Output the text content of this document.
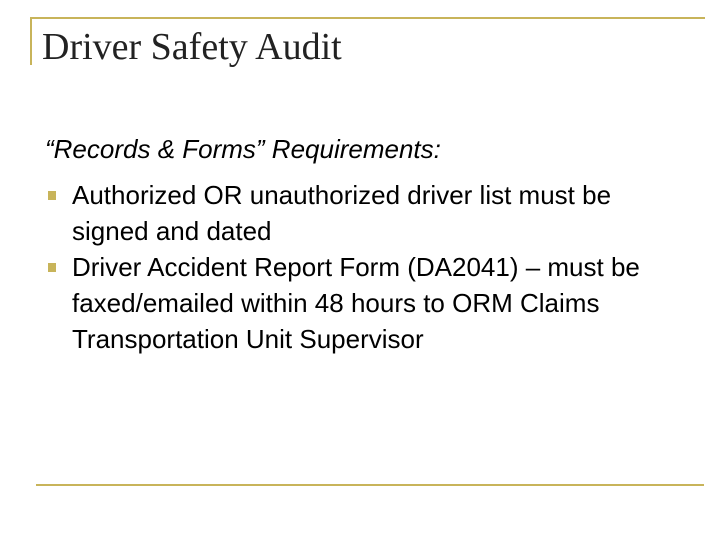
Driver Safety Audit
“Records & Forms” Requirements:
Authorized OR unauthorized driver list must be signed and dated
Driver Accident Report Form (DA2041) – must be faxed/emailed within 48 hours to ORM Claims Transportation Unit Supervisor
